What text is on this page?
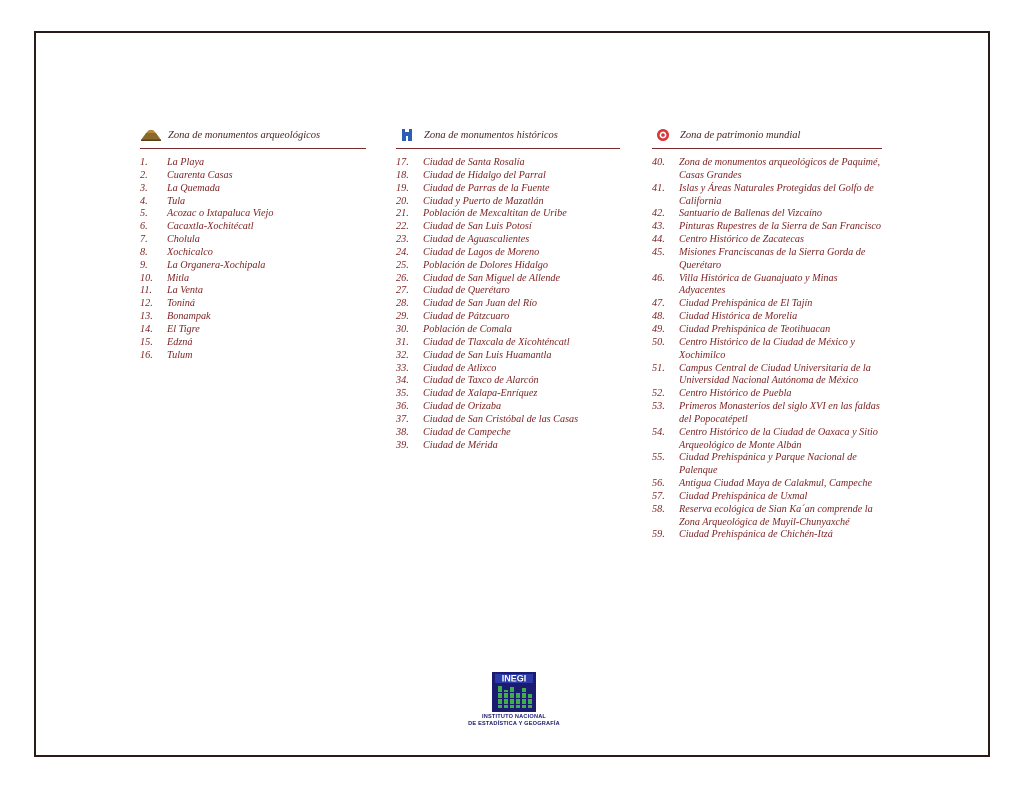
Zona de monumentos arqueológicos
1.	La Playa
2.	Cuarenta Casas
3.	La Quemada
4.	Tula
5.	Acozac o Ixtapaluca Viejo
6.	Cacaxtla-Xochitécatl
7.	Cholula
8.	Xochicalco
9.	La Organera-Xochipala
10.	Mitla
11.	La Venta
12.	Toniná
13.	Bonampak
14.	El Tigre
15.	Edzná
16.	Tulum
Zona de monumentos históricos
17.	Ciudad de Santa Rosalía
18.	Ciudad de Hidalgo del Parral
19.	Ciudad de Parras de la Fuente
20.	Ciudad y Puerto de Mazatlán
21.	Población de Mexcaltitan de Uribe
22.	Ciudad de San Luis Potosí
23.	Ciudad de Aguascalientes
24.	Ciudad de Lagos de Moreno
25.	Población de Dolores Hidalgo
26.	Ciudad de San Miguel de Allende
27.	Ciudad de Querétaro
28.	Ciudad de San Juan del Río
29.	Ciudad de Pátzcuaro
30.	Población de Comala
31.	Ciudad de Tlaxcala de Xicohténcatl
32.	Ciudad de San Luis Huamantla
33.	Ciudad de Atlixco
34.	Ciudad de Taxco de Alarcón
35.	Ciudad de Xalapa-Enríquez
36.	Ciudad de Orizaba
37.	Ciudad de San Cristóbal de las Casas
38.	Ciudad de Campeche
39.	Ciudad de Mérida
Zona de patrimonio mundial
40.	Zona de monumentos arqueológicos de Paquimé, Casas Grandes
41.	Islas y Áreas Naturales Protegidas del Golfo de California
42.	Santuario de Ballenas del Vizcaíno
43.	Pinturas Rupestres de la Sierra de San Francisco
44.	Centro Histórico de Zacatecas
45.	Misiones Franciscanas de la Sierra Gorda de Querétaro
46.	Villa Histórica de Guanajuato y Minas Adyacentes
47.	Ciudad Prehispánica de El Tajín
48.	Ciudad Histórica de Morelia
49.	Ciudad Prehispánica de Teotihuacan
50.	Centro Histórico de la Ciudad de México y Xochimilco
51.	Campus Central de Ciudad Universitaria de la Universidad Nacional Autónoma de México
52.	Centro Histórico de Puebla
53.	Primeros Monasterios del siglo XVI en las faldas del Popocatépetl
54.	Centro Histórico de la Ciudad de Oaxaca y Sitio Arqueológico de Monte Albán
55.	Ciudad Prehispánica y Parque Nacional de Palenque
56.	Antigua Ciudad Maya de Calakmul, Campeche
57.	Ciudad Prehispánica de Uxmal
58.	Reserva ecológica de Sian Ka´an comprende la Zona Arqueológica de Muyil-Chunyaxché
59.	Ciudad Prehispánica de Chichén-Itzá
INEGI
INSTITUTO NACIONAL
DE ESTADÍSTICA Y GEOGRAFÍA
